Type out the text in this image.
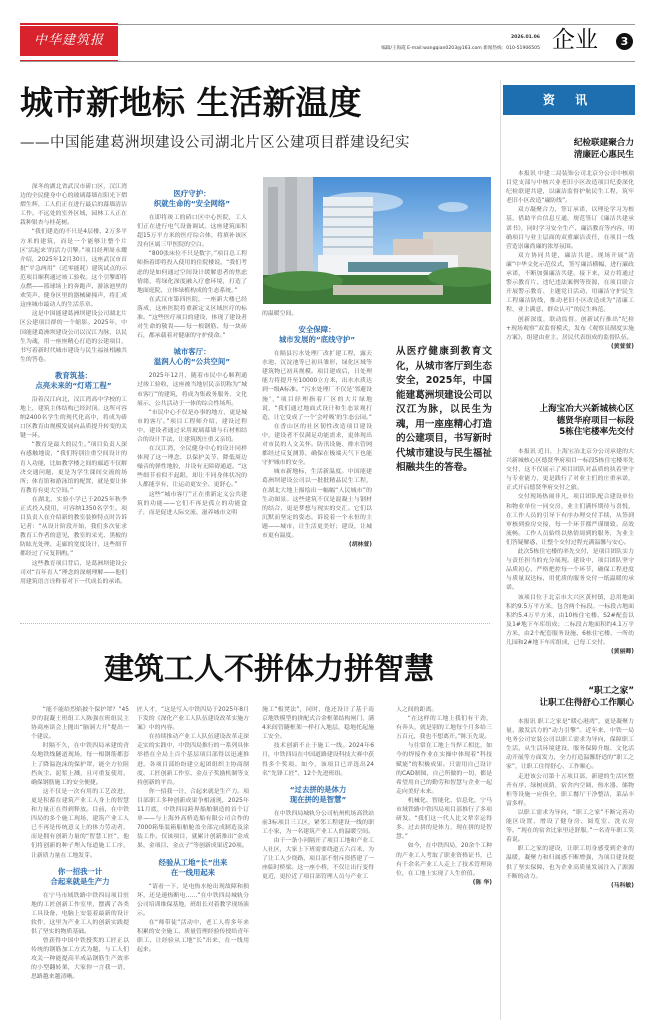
中华建筑报	2026.01.06
编辑/王海霞 E-mail:wangqian0203@163.com 新闻热线：010-51906505 企业	3
城市新地标 生活新温度
——中国能建葛洲坝建设公司湖北片区公建项目群建设纪实

深冬的湖北省武汉市硚口区，汉江湾边的全民健身中心的玻璃幕墙在阳光下熠熠生辉，工人们正在进行最后的幕墙清洁工作。不远处的室外区域，园林工人正在栽种银杏与桂花树。

“我们建造的不只是4层楼、2万多平方米的建筑，而是一个能够让整个片区‘活起来’的活力引擎。”项目经理周永耀介绍，2025年12月30日，这座武汉市首批“平急两用”（近零能耗）建筑试点的示范项目顺利通过竣工验收。这个引擎即将点燃——篮球场上的奔跑声、游泳池里的欢笑声、健身区里的器械碰撞声，将汇成这座城市最动人的生活乐章。

这是中国能建葛洲坝建设公司湖北片区公建项目群的一个缩影。2025年，中国能建葛洲坝建设公司以汉江为脉，以民生为魂，用一座座精心打造的公建项目，书写着新时代城市建设与民生福祉相融共生的答卷。

教育筑基：
点亮未来的“灯塔工程”

沿着汉江向北，汉江湾高中学校的工地上，建筑主体结构已经封顶。这所可容纳2400名学生的现代化高中，将成为硚口区教育由规模发展向品质提升转变的关键一环。

“教育是最大的民生。”项目负责人深有感触地说，“我们特别注重空间设计的育人功能，比如教学楼之间的廊道不仅解决交通问题，更是为学生课间交流的场所；体育馆和游泳馆的配置，就是要让体育教育有更大空间。”

在湖北，实验小学已于2025年秋季正式投入使用，可容纳1350名学生。项目负责人在介绍新的教室装修特点时告诉记者：“从设计阶段开始，我们多次征求教育工作者的意见，教室的采光、黑板的防眩光处理、走廊的宽度设计，这些细节都经过了反复斟酌。”

这些教育项目背后，是葛洲坝建设公司对“百年育人”理念的深刻理解——他们用建筑语言诠释着对下一代成长的承诺。

医疗守护：
织就生命的“安全网络”

在即将竣工的硚口区中心医院，工人们正在进行电气设备调试。这座建筑面积超15万平方米的医疗综合体，将填补该区没有区属三甲医院的空白。

“800张床位不只是数字，”项目总工程师指着即将投入使用的住院楼说，“我们考虑的是如何通过空间设计缓解患者的焦虑情绪，将绿化深度融入疗愈环境，打造了地面庭院、立体绿植构成的生态系统。”

在武汉市第四医院，一座新大楼已经落成，这座医院将重新定义区域医疗的标准。“这些医疗项目的建设，体现了建设者对生命的敬畏——每一根钢筋、每一块砖石，都承载着对健康的守护使命。”

城市客厅：
温润人心的“公共空间”

2025年12月，随着市民中心顺利通过竣工验收，这座被当地居民亲切称为“城市客厅”的建筑，将成为集政务服务、文化展示、公共活动于一体的综合性场所。

“市民中心不仅是办事的地方，更是城市的客厅。”项目工程师介绍，建设过程中，建设者通过采用玻璃幕墙与石材相结合的设计手法，让建筑既庄重又亲切。

在汉江湾，全民健身中心的设计同样体现了这一理念，以保护关节、降低周边噪音的弹性地胶，并设有无障碍通道。“这些细节看似不起眼，却让不同身体状况的人都能享有，让运动更安全、更舒心。”

这些“城市客厅”正在重新定义公共建筑的功能——它们不再是孤立的功能盒子，而是促进人际交流、滋养城市文明

的温暖空间。

安全保障：
城市发展的“底线守护”

在隔县污水处理厂改扩建工程，露天水池、沉淀池等已初具雏形，绿化区域等建筑物已初具规模。项目建成后，日处理能力将提升至10000立方米，出水水质达到一级A标准。“污水处理厂不仅是‘邻避设施’，”项目经理指着厂区的大片绿地说，“我们通过地面式设计和生态景观打造，让它变成了一个‘会呼吸’的生态公园。”

在香山区的社区韧性改造项目建设中，建设者不仅满足功能需求，更体现出对市民的人文关怀。防汛设施、排水管网都经过反复测算，确保在极端天气下也能守护城市的安全。

城市新地标，生活新温度。中国能建葛洲坝建设公司以一批批精品民生工程，在湖北大地上描绘出一幅幅“人民城市”的生动图景。这些建筑不仅是混凝土与钢材的结合，更是梦想与现实的交汇。它们以沉默而坚定的姿态，诉说着一个永恒的主题——城市，让生活更美好；建设，让城市更有温度。

(胡林萱)

从医疗健康到教育文化，从城市客厅到生态安全，2025年，中国能建葛洲坝建设公司以汉江为脉，以民生为魂，用一座座精心打造的公建项目，书写新时代城市建设与民生福祉相融共生的答卷。
建筑工人不拼体力拼智慧

“能不能给烈焰披个保护罩？”45岁的混凝土班组工人陈强在班组民主协商座谈会上抛出“脑洞大开”提出一个建议。

时隔不久，在中铁四局承建的青岛地铁线隧道现场，每一根钢筋都套上了降温泡沫的保护罩，能全方位阻挡灰尘、泥浆上溅，且可重复使用，确保钢筋施工的安全便捷。

这不仅是一次有用的工艺改进，更是积蓄在建筑产业工人身上的智慧和力量正在得到释放。目前，在中铁四局的多个施工现场，建筑产业工人已不再是传统意义上的体力劳动者，而是拥有创新力量的“智慧工匠”，他们将创新的种子埋入每道施工工序，让新质力量在工地发芽。

你一招我一计
合起来就是生产力

在宁马市域铁路中铁四局项目驻地的工匠创新工作室里，摆满了各类工具设备，电脑上安装着最新的设计软件，这里为产业工人的创新实践提供了坚实的物质基础。

曾获得中国中铁授奖的工匠正以传统的钢筋加工方式为题，与工人们攻关一种能提高半成品钢筋生产效率的小型翻转架，大家你一言我一语，思路越来越清晰。

匠人才，“这是写入中铁四局于2025年8月下发的《深化产业工人队伍建设改革实施方案》中的内容。

在持续推动产业工人队伍建设改革走深走实的实践中，中铁四局推行的一系列具体举措在全局上百个基层项目部得以迅速推进。各项目部纷纷建立起团组织主协商制度、工匠创新工作室、金点子奖励机制等支持创新的平台。

你一招我一计，合起来就是生产力。项目部职工多种创新成果争相涌现，2025年11月底，中铁四局跨界船舶制造的首个订单——与上海外高桥造船有限公司合作的7000箱集装箱船舶舱盖全部完成制造及涂装工作。仅该项目，就累计创新推出“金成果、金项目、金点子”等创新成果近20项。

经验从工地“长”出来
在一线用起来

“请看一下，是电热水枪出现故障和损坏，还是速热断电……”在中铁四局城轨分公司培训维保基地，班组长对着教学现场演示。

在“师带徒”活动中，老工人将多年来积累的安全施工、质量管理经验传授给青年职工，让经验从工地“长”出来，在一线用起来。

施工“板凳法”，同时，他还设计了基于南京地铁模型的拼配式合金框架结构闸门，满4米间管隧框架一样打入地层，稳地托起施工安全。

技术创新不止于施工一线。2024年6月，中铁四局在中国道路建设科技大赛中获得多个奖项。如今，该项目已评选出24名“先锋工匠”、12个先进班组。

“过去拼的是体力
现在拼的是智慧”

在中铁四局城轨分公司杭州机场高铁站前3标项目三工区，紧邻工程建设一线的职工小家，为一名建筑产业工人的温暖空间。

由于一条小河隔开了项目工地和产业工人社区，大家上下班需要绕道五六百米，为了让工人少绕路，项目部不惜斥资搭建了一座临时桥梁。这一座小桥，不仅让出行变得更近，更拉近了项目部管理人员与产业工

人之间的距离。

“在这样的工地上我们有干劲，有奔头，就是别的工地每个月多给三五百元，我也不想离开。”陈玉先说。

与往常在工地上当焊工相比，如今的焊接作业在实操中体现着“科技赋能”的积极成果。只需用自己设计的CAD制图，自己所做的一切，都是希望用自己的勤劳和智慧与企业一起走向美好未来。

机械化、智能化、信息化，宁马市域铁路中铁四局项目部推行了多项研发。“我们这一代人比父辈幸运得多，过去拼的是体力，现在拼的是智慧。”

如今，在中铁四局，20余个工种的产业工人考取了职业资格证书，已有千余名产业工人走上了技术管理岗位，在工地上实现了人生价值。

(陈 华)

资 讯
纪检联建聚合力
清廉匠心惠民生

本报讯 中建二局装饰公司北京分公司中核项目党支部与中核兴业老旧小区改造项目纪委深化纪检联建共建，以廉洁监督护航民生工程，筑牢老旧小区改造“廉防线”。

双方凝聚合力，签订承诺，以理论学习为根基，借助平台信息互通，规范签订《廉洁共建承诺书》，同时学习安全生产、廉洁教育等内容，明确项目与业主层面的双重廉洁责任，在项目一线营造崇廉尚廉的浓厚氛围。

双方协同共建，廉洁共建。现场开展“清廉”中华文化示范仪式，签写廉洁横幅，进行廉政承诺，不断加强廉洁共建。接下来，双方将通过警示教育片、违纪违法案例等资源，在项目联合开展警示教育、主题党日活动，用廉洁守护民生工程廉洁防线，推动老旧小区改造成为“清廉工程、业主满意、群众认可”的民生典范。

创新深度，联动监督。创新试行推出“纪检+现场观察”双监督模式，发布《观察员制度实施方案》，组建由业主、居民代表组成的监督队伍。

(黄萱萱)

上海宝冶大兴新城核心区
德贤华府项目一标段
5栋住宅楼率先交付

本报讯 近日，上海宝冶北京分公司承建的大兴新城核心区德贤华府项目一标段5栋住宅楼率先交付，这不仅展示了项目团队对品质的执着坚守与专业能力，更是践行了对业主们的庄重承诺，正式开启德贤华府交付之旅。

交付现场热闹非凡，项目团队配合建设单位和物业单位一同交房，业主们满怀期待与喜悦，在工作人员的引导下有序办理交付手续，从签到审核到验房交接，每一个环节都严谨细致、高效流畅。工作人员始终以热情周到的服务，为业主们答疑解惑，让整个交付过程充满温馨与安心。

此次5栋住宅楼的率先交付，是项目团队实力与责任担当的充分展现。建设中，项目团队坚守品质初心，严格把控每一个环节，确保工程进度与质量双达标，用优质的服务交付一纸温暖的承诺。

该项目位于北京市大兴区黄村镇，总用地面积约9.5万平方米，包含两个标段。一标段占地面积约5.4万平方米，由10栋住宅楼、S2#配套以及1#地下车库组成；二标段占地面积约4.1万平方米，由2个配套服务设施、6栋住宅楼、一所幼儿园和2#地下车库组成，已每工交付。

(黄丽卿)

“职工之家”
让职工住得舒心工作顺心

本报讯 职工之家是“暖心港湾”，更是凝聚力量、激发活力的“动力引擎”。近年来，中铁一局电务公司安装公司以职工需求为导向，保障职工生活，从生活环境建设、服务保障升级、文化活动开展等方面发力，全力打造温馨舒适的“职工之家”，让职工住得舒心、工作顺心。

走进该公司第十五项目部，新建的生活区整齐有序、绿树成荫，宿舍内空调、热水器、储物柜等设施一应俱全，职工餐厅干净整洁，菜品丰富多样。

以职工需求为导向，“职工之家”不断完善功能区设置，增设了健身房、阅览室、洗衣房等。“现在的宿舍比家里还舒服。”一名青年职工笑着说。

职工之家的建设，让职工切身感受到企业的温暖，凝聚力和归属感不断增强，为项目建设提供了坚实保障，也为企业高质量发展注入了源源不断的动力。

(马科敏)
